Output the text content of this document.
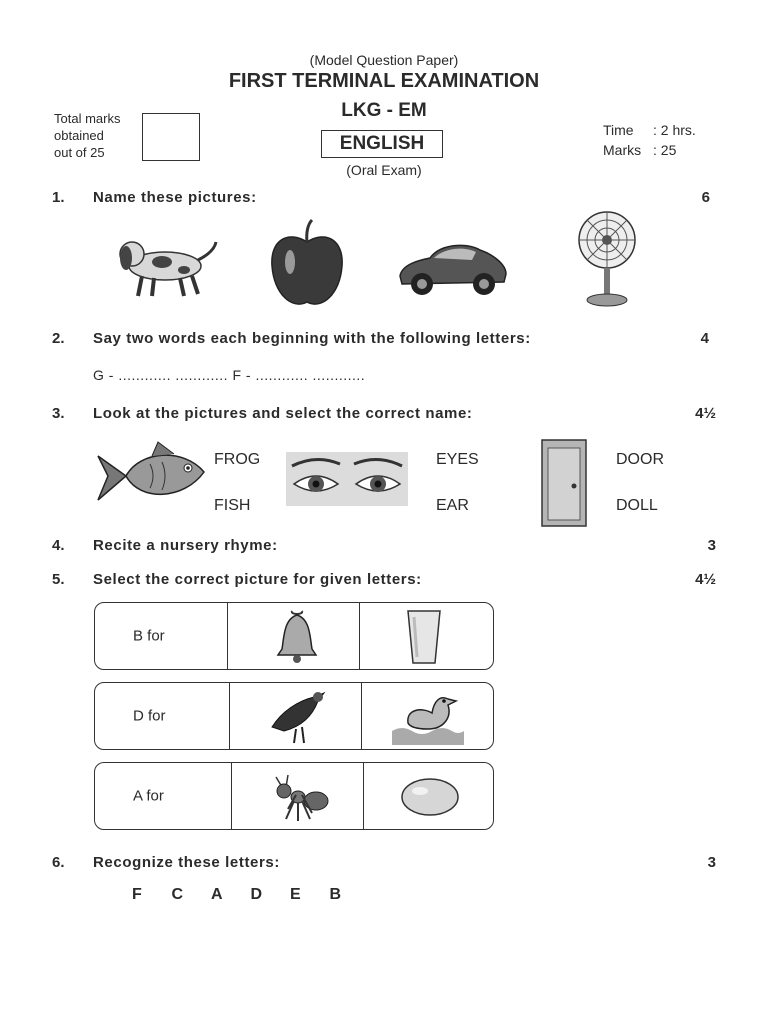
(Model Question Paper)
FIRST TERMINAL EXAMINATION
LKG - EM
Total marks
obtained
out of 25	ENGLISH
(Oral Exam)
Time : 2 hrs.
Marks : 25
1. Name these pictures:	6
2. Say two words each beginning with the following letters:	4
G - ............ ............ F - ............ ............
3. Look at the pictures and select the correct name:	4½
FROG
FISH
EYES
EAR
DOOR
DOLL
4. Recite a nursery rhyme:	3
5. Select the correct picture for given letters:	4½
B for
D for
A for
6. Recognize these letters:	3
F C A D E B
